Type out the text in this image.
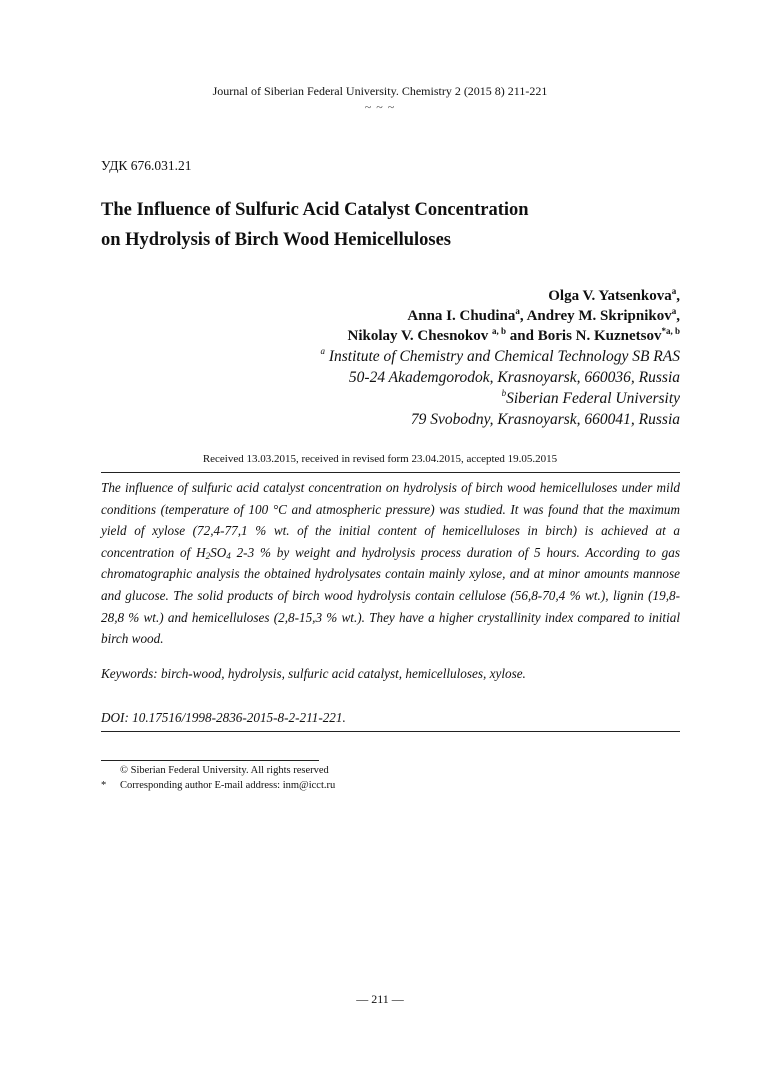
Journal of Siberian Federal University. Chemistry 2 (2015 8) 211-221
~ ~ ~
УДК 676.031.21
The Influence of Sulfuric Acid Catalyst Concentration
on Hydrolysis of Birch Wood Hemicelluloses
Olga V. Yatsenkova$^a$,
Anna I. Chudina$^a$, Andrey M. Skripnikov$^a$,
Nikolay V. Chesnokov $^{a, b}$ and Boris N. Kuznetsov$^{*a, b}$
$^a$ Institute of Chemistry and Chemical Technology SB RAS
50-24 Akademgorodok, Krasnoyarsk, 660036, Russia
$^b$Siberian Federal University
79 Svobodny, Krasnoyarsk, 660041, Russia
Received 13.03.2015, received in revised form 23.04.2015, accepted 19.05.2015
The influence of sulfuric acid catalyst concentration on hydrolysis of birch wood hemicelluloses under mild conditions (temperature of 100 °C and atmospheric pressure) was studied. It was found that the maximum yield of xylose (72,4-77,1 % wt. of the initial content of hemicelluloses in birch) is achieved at a concentration of $H_2SO_4$ 2-3 % by weight and hydrolysis process duration of 5 hours. According to gas chromatographic analysis the obtained hydrolysates contain mainly xylose, and at minor amounts mannose and glucose. The solid products of birch wood hydrolysis contain cellulose (56,8-70,4 % wt.), lignin (19,8-28,8 % wt.) and hemicelluloses (2,8-15,3 % wt.). They have a higher crystallinity index compared to initial birch wood.
Keywords: birch-wood, hydrolysis, sulfuric acid catalyst, hemicelluloses, xylose.
DOI: 10.17516/1998-2836-2015-8-2-211-221.
© Siberian Federal University. All rights reserved
*	Corresponding author E-mail address: inm@icct.ru
— 211 —
